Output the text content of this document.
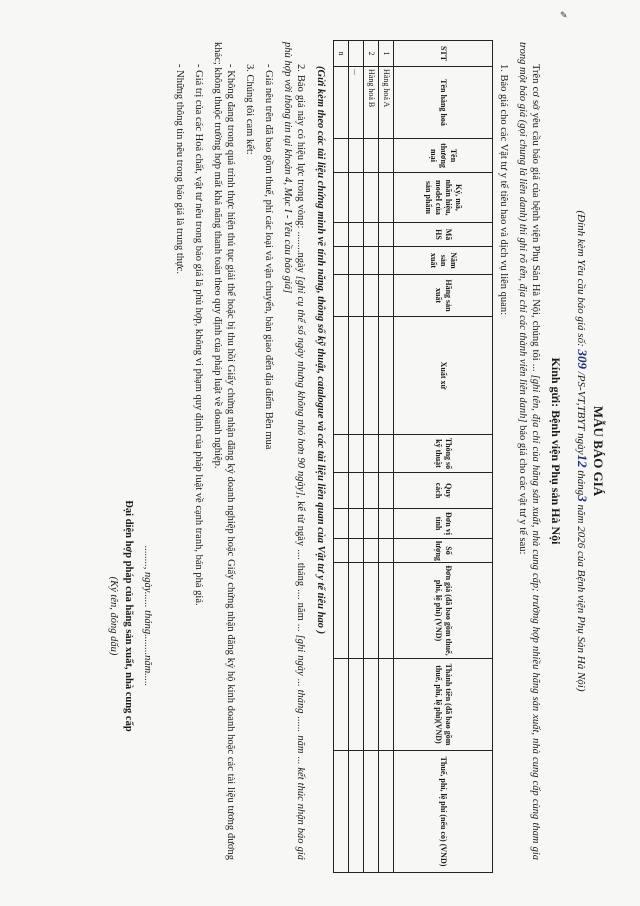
✎
MẪU BÁO GIÁ
(Đính kèm Yêu cầu báo giá số: 309 /PS-VT,TBYT ngày12 tháng3 năm 2026 của Bệnh viện Phụ Sản Hà Nội)
Kính gửi: Bệnh viện Phụ sản Hà Nội
Trên cơ sở yêu cầu báo giá của bệnh viện Phụ Sản Hà Nội, chúng tôi ... [ghi tên, địa chỉ của hãng sản xuất, nhà cung cấp; trường hợp nhiều hãng sản xuất, nhà cung cấp cùng tham gia trong một báo giá (gọi chung là liên danh) thì ghi rõ tên, địa chỉ các thành viên liên danh] báo giá cho các vật tư y tế sau:
1. Báo giá cho các Vật tư y tế tiêu hao và dịch vụ liên quan:
STT	Tên hàng hoá	Tên thương mại	Ký, mã, nhãn hiệu, model của sản phẩm	Mã HS	Năm sản xuất	Hãng sản xuất	Xuất xứ	Thông số kỹ thuật	Quy cách	Đơn vị tính	Số lượng	Đơn giá (đã bao gồm thuế, phí, lệ phí) (VND)	Thành tiền (đã bao gồm thuế, phí, lệ phí)(VND)	Thuế, phí, lệ phí (nếu có) (VND)
1	Hàng hoá A													
2	Hàng hoá B													
	...													
n														
(Gửi kèm theo các tài liệu chứng minh về tính năng, thông số kỹ thuật, catalogue và các tài liệu liên quan của Vật tư y tế tiêu hao )
2. Báo giá này có hiệu lực trong vòng: ........ngày [ghi cụ thể số ngày nhưng không nhỏ hơn 90 ngày], kể từ ngày .... tháng .... năm ... [ghi ngày ... tháng ...... năm ... kết thúc nhận báo giá phù hợp với thông tin tại khoản 4, Mục I - Yêu cầu báo giá]
- Giá nêu trên đã bao gồm thuế, phí các loại và vận chuyển, bàn giao đến địa điểm Bên mua
3. Chúng tôi cam kết:
- Không đang trong quá trình thực hiện thủ tục giải thể hoặc bị thu hồi Giấy chứng nhận đăng ký doanh nghiệp hoặc Giấy chứng nhận đăng ký hộ kinh doanh hoặc các tài liệu tương đương khác; không thuộc trường hợp mất khả năng thanh toán theo quy định của pháp luật về doanh nghiệp.
- Giá trị của các Hoá chất, vật tư nêu trong báo giá là phù hợp, không vi phạm quy định của pháp luật về cạnh tranh, bán phá giá.
- Những thông tin nêu trong báo giá là trung thực.
........, ngày...... tháng........năm.....
Đại diện hợp pháp của hãng sản xuất, nhà cung cấp
(Ký tên, đóng dấu)
